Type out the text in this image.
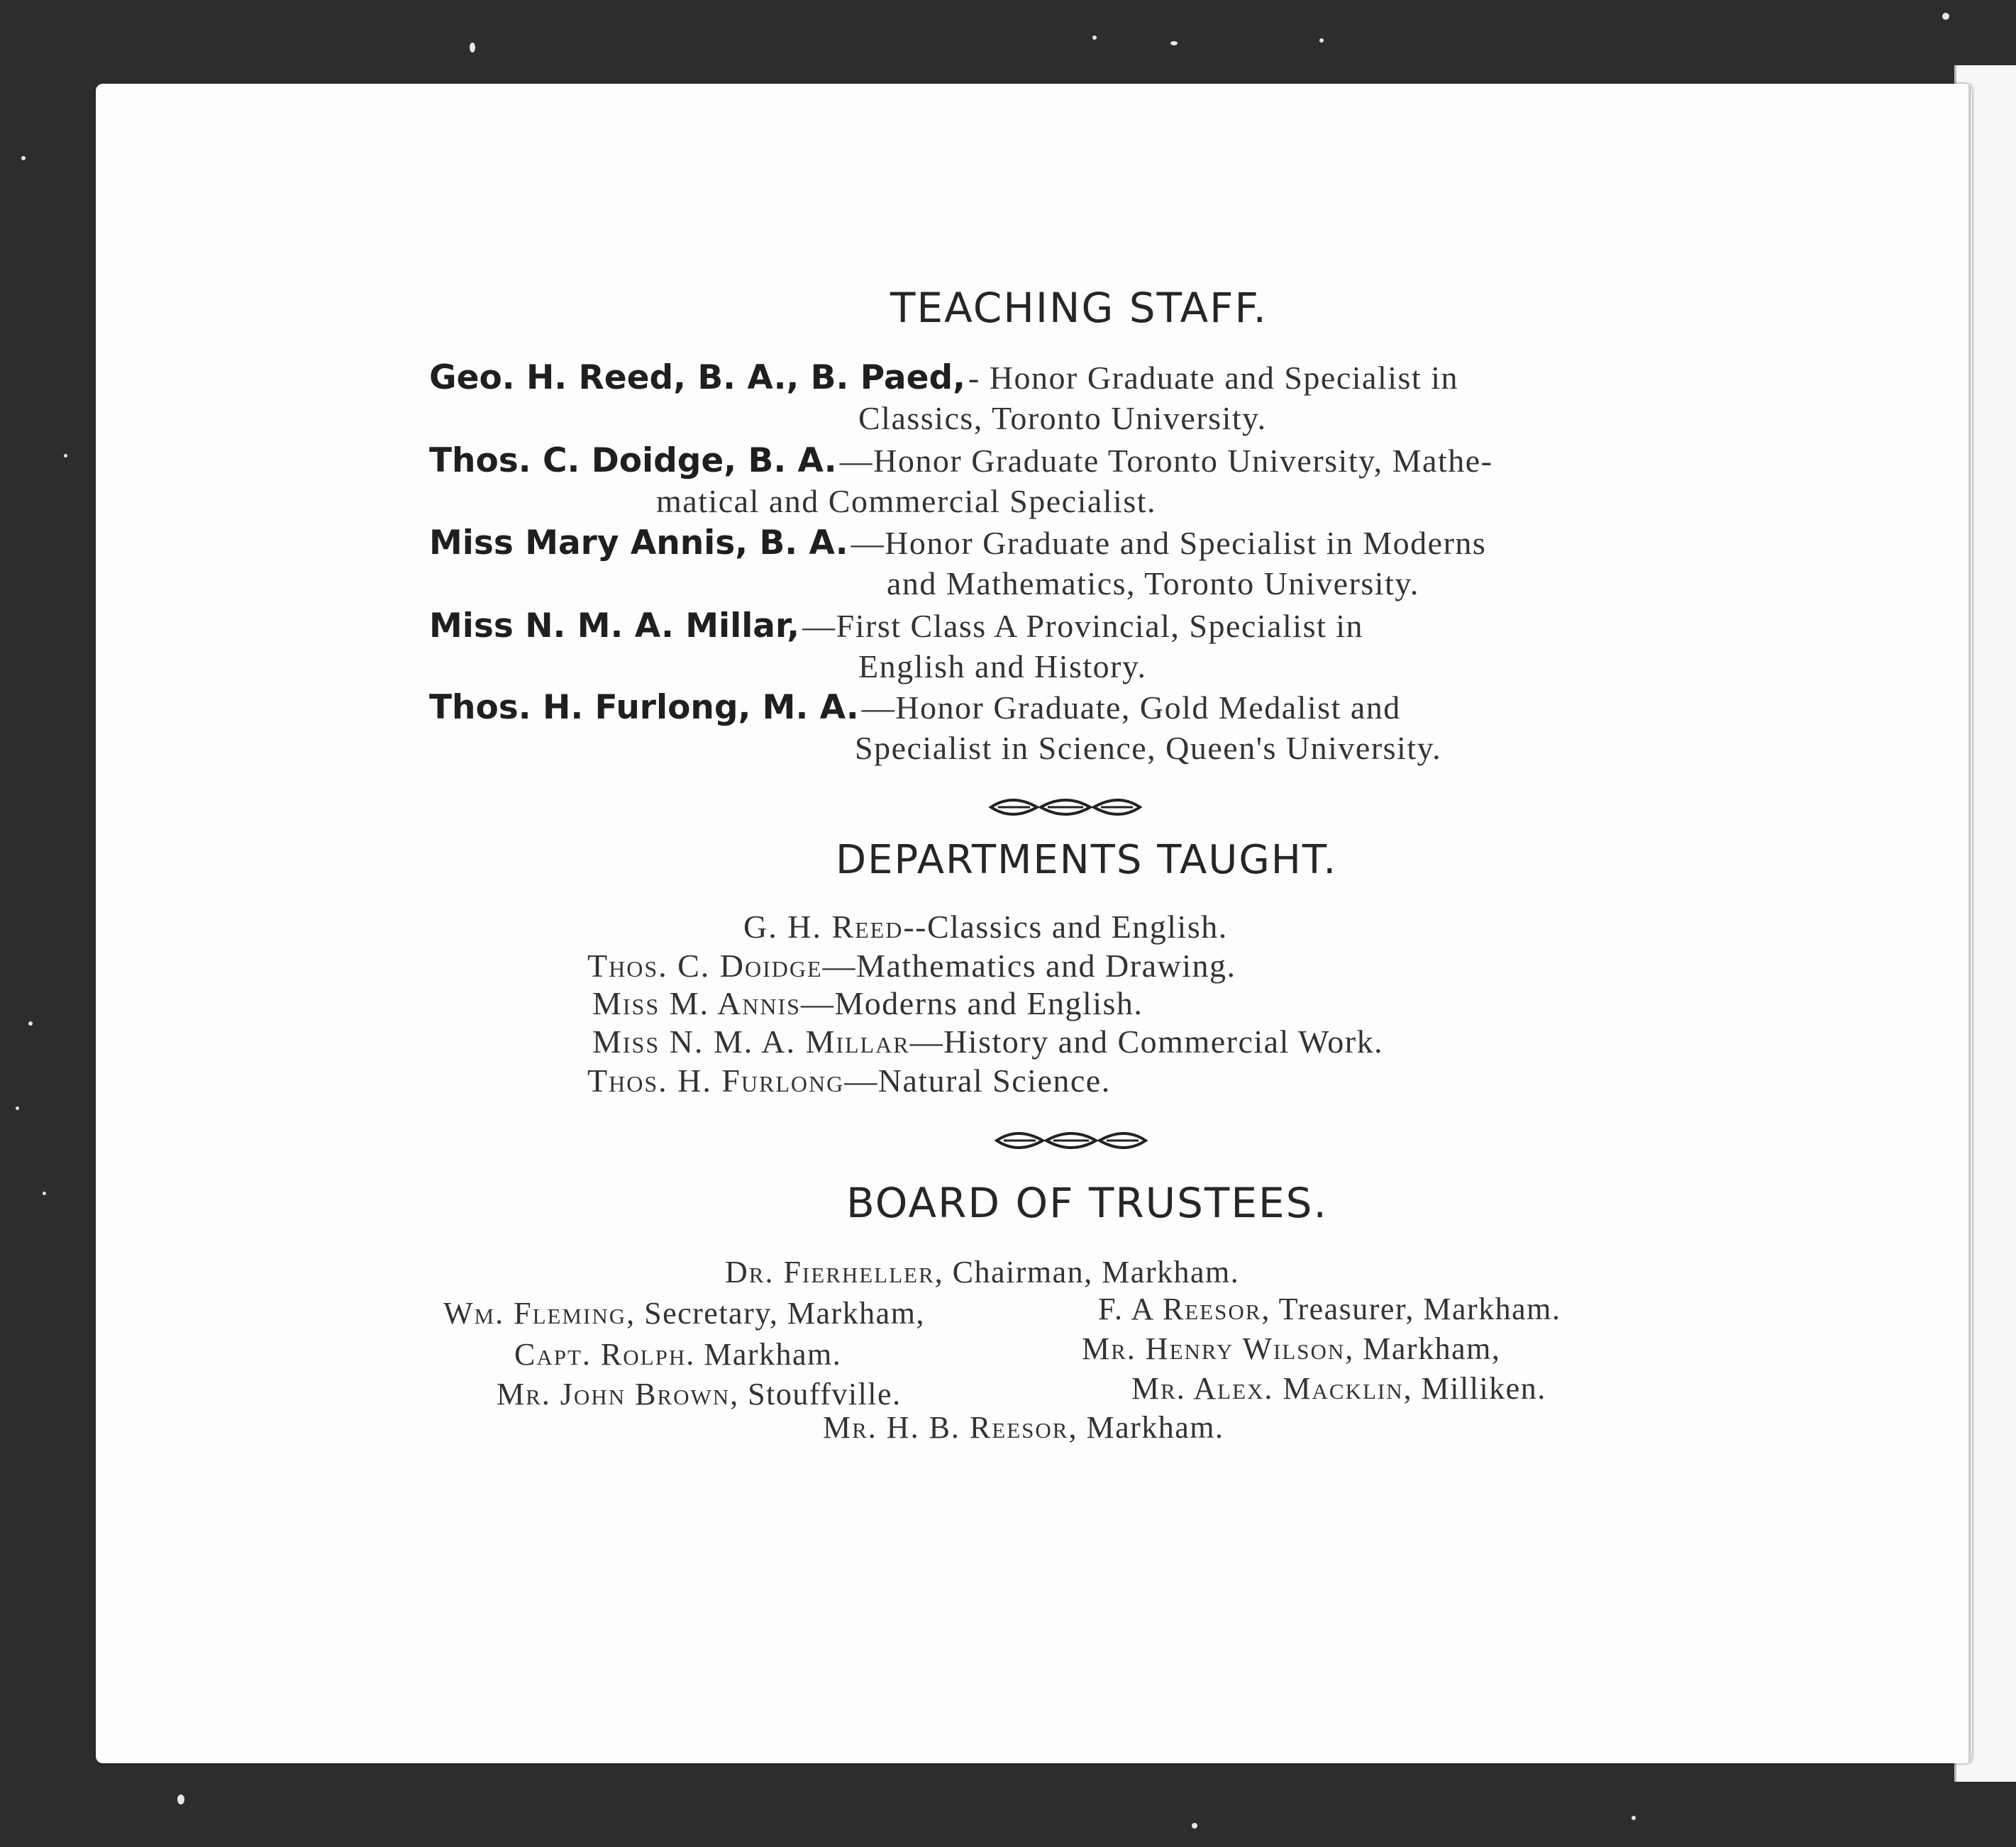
TEACHING STAFF.
Geo. H. Reed, B. A., B. Paed, - Honor Graduate and Specialist in
Classics, Toronto University.
Thos. C. Doidge, B. A. —Honor Graduate Toronto University, Mathe-
matical and Commercial Specialist.
Miss Mary Annis, B. A. —Honor Graduate and Specialist in Moderns
and Mathematics, Toronto University.
Miss N. M. A. Millar, —First Class A Provincial, Specialist in
English and History.
Thos. H. Furlong, M. A. —Honor Graduate, Gold Medalist and
Specialist in Science, Queen's University.
DEPARTMENTS TAUGHT.
G. H. Reed--Classics and English.
Thos. C. Doidge—Mathematics and Drawing.
Miss M. Annis—Moderns and English.
Miss N. M. A. Millar—History and Commercial Work.
Thos. H. Furlong—Natural Science.
BOARD OF TRUSTEES.
Dr. Fierheller, Chairman, Markham.
Wm. Fleming, Secretary, Markham,	F. A Reesor, Treasurer, Markham.
Capt. Rolph. Markham.	Mr. Henry Wilson, Markham,
Mr. John Brown, Stouffville.	Mr. Alex. Macklin, Milliken.
Mr. H. B. Reesor, Markham.
